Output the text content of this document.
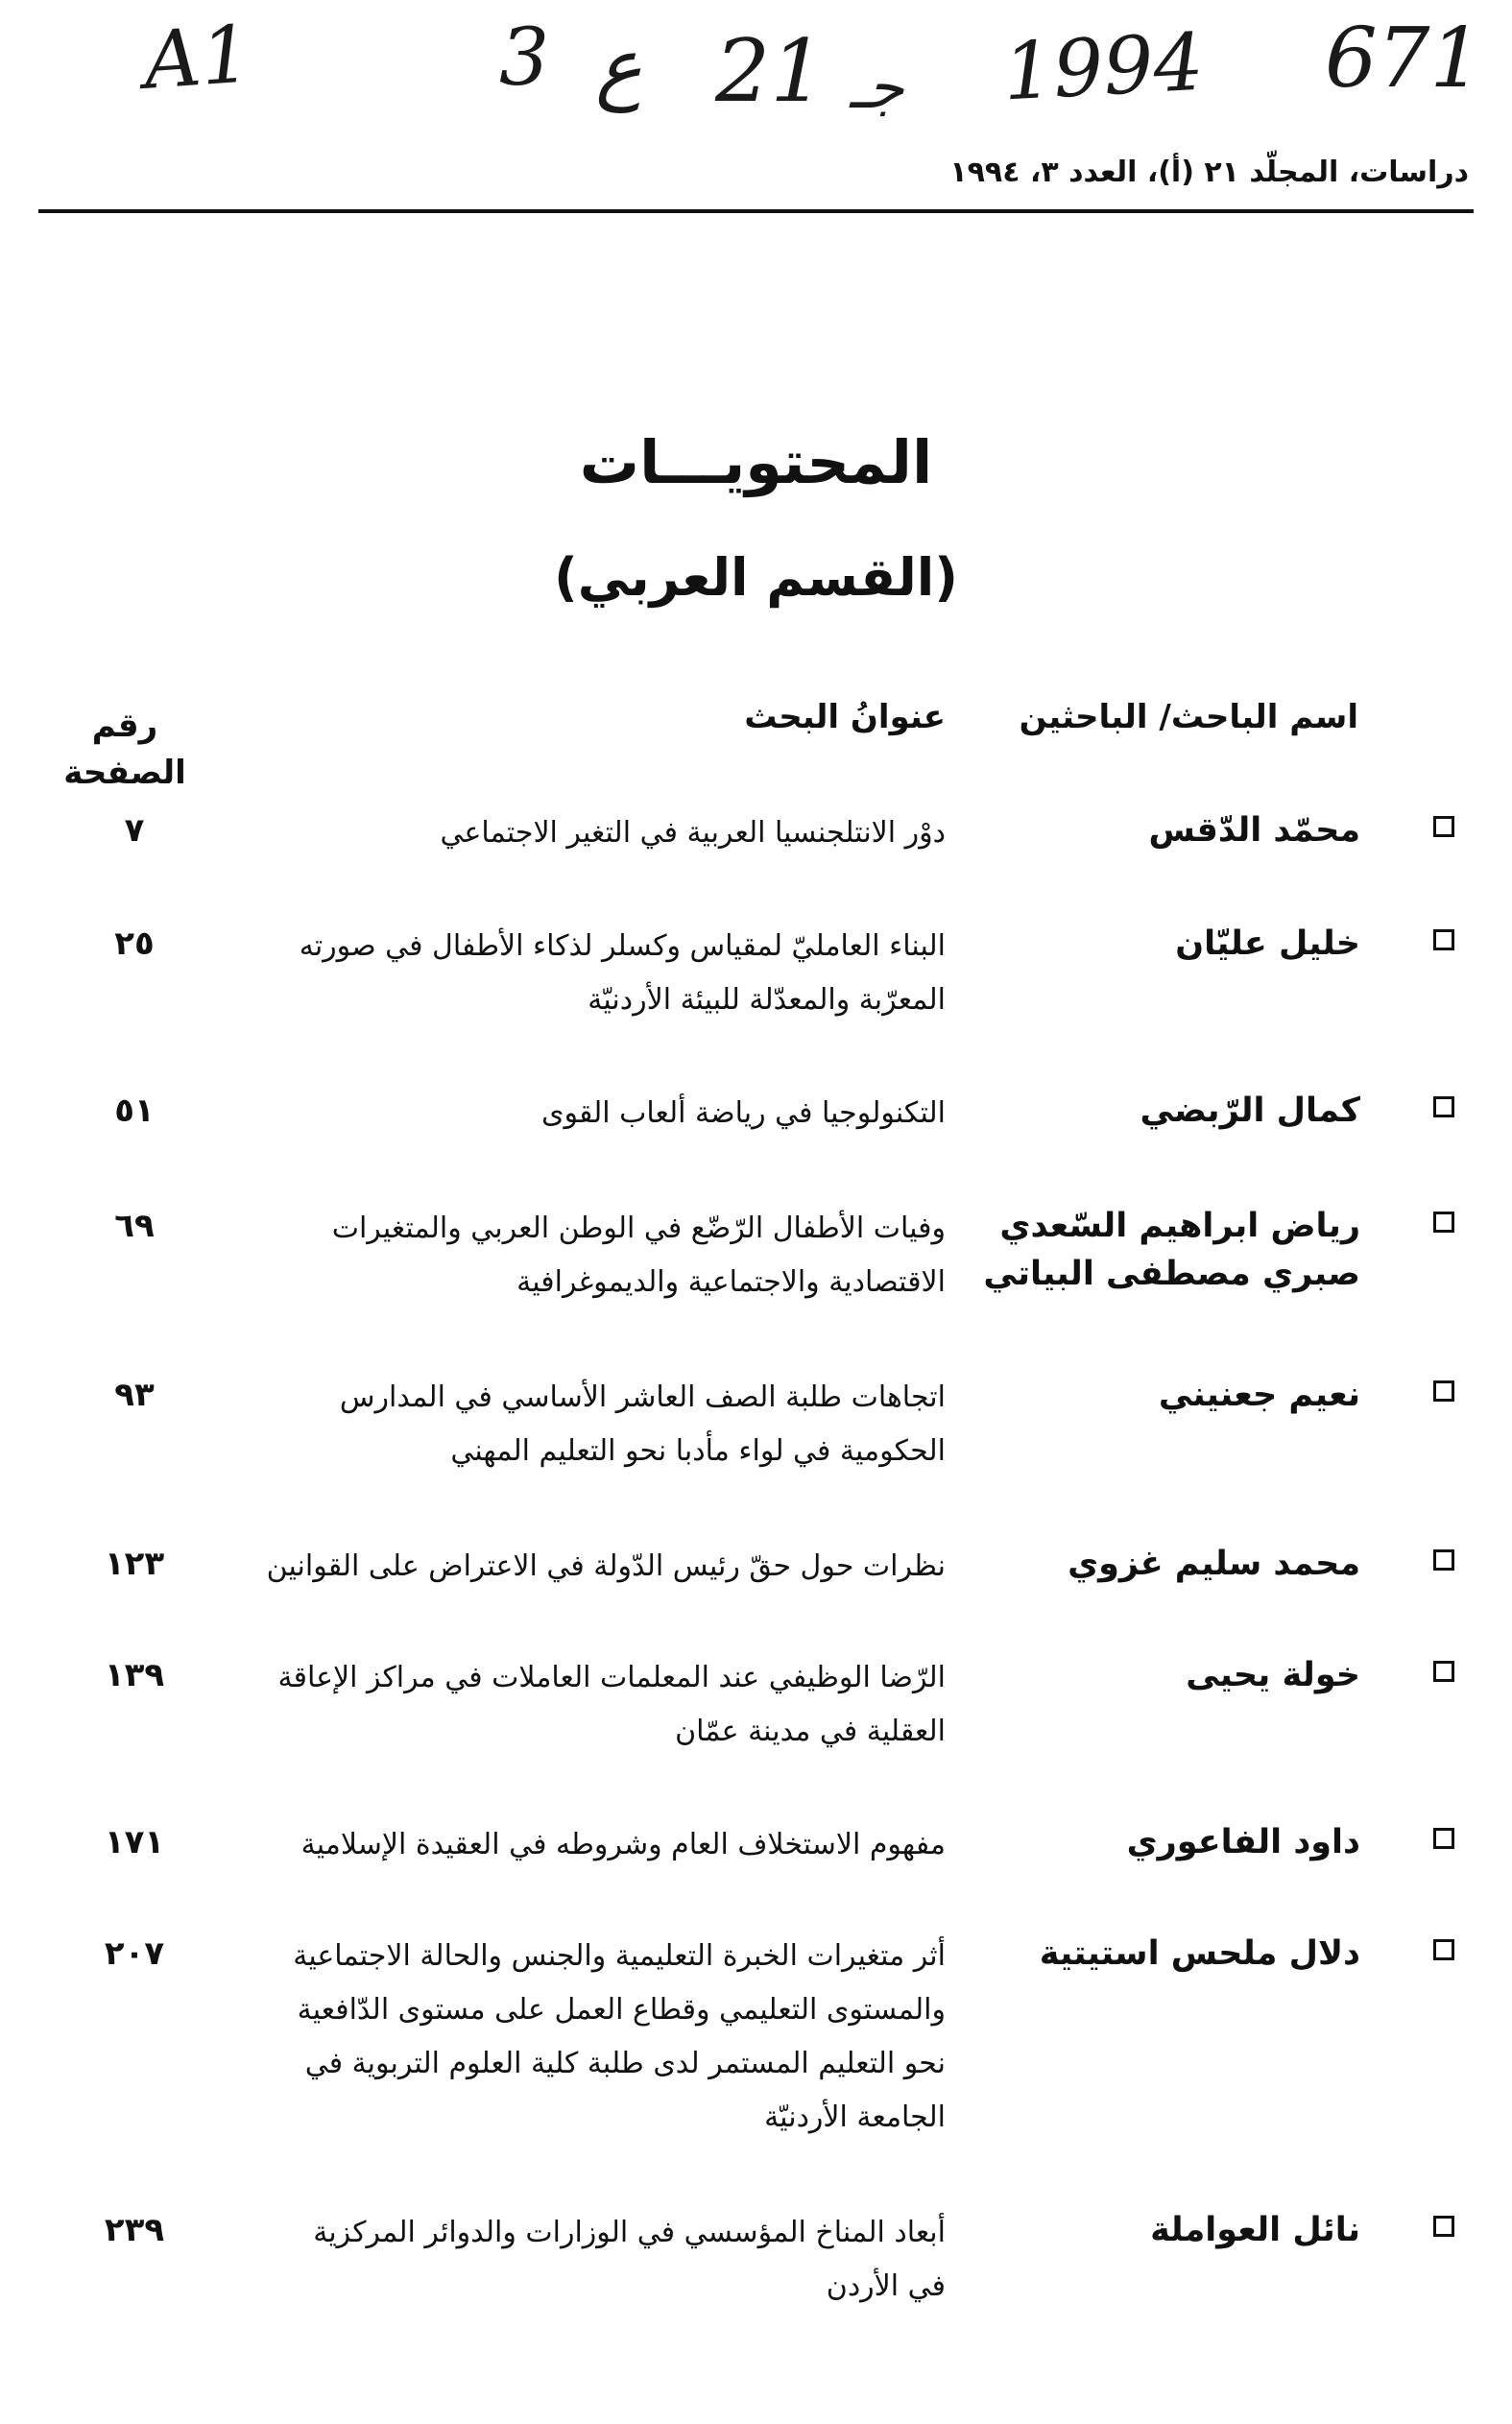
A1	3 ع 21 جـ 1994 671
دراسات، المجلّد ٢١ (أ)، العدد ٣، ١٩٩٤
المحتويـــات
(القسم العربي)
اسم الباحث/ الباحثين
عنوانُ البحث
رقم
الصفحة
محمّد الدّقس
دوْر الانتلجنسيا العربية في التغير الاجتماعي
٧
خليل عليّان
البناء العامليّ لمقياس وكسلر لذكاء الأطفال في صورته
المعرّبة والمعدّلة للبيئة الأردنيّة
٢٥
كمال الرّبضي
التكنولوجيا في رياضة ألعاب القوى
٥١
رياض ابراهيم السّعدي
صبري مصطفى البياتي
وفيات الأطفال الرّضّع في الوطن العربي والمتغيرات
الاقتصادية والاجتماعية والديموغرافية
٦٩
نعيم جعنيني
اتجاهات طلبة الصف العاشر الأساسي في المدارس
الحكومية في لواء مأدبا نحو التعليم المهني
٩٣
محمد سليم غزوي
نظرات حول حقّ رئيس الدّولة في الاعتراض على القوانين
١٢٣
خولة يحيى
الرّضا الوظيفي عند المعلمات العاملات في مراكز الإعاقة
العقلية في مدينة عمّان
١٣٩
داود الفاعوري
مفهوم الاستخلاف العام وشروطه في العقيدة الإسلامية
١٧١
دلال ملحس استيتية
أثر متغيرات الخبرة التعليمية والجنس والحالة الاجتماعية
والمستوى التعليمي وقطاع العمل على مستوى الدّافعية
نحو التعليم المستمر لدى طلبة كلية العلوم التربوية في
الجامعة الأردنيّة
٢٠٧
نائل العواملة
أبعاد المناخ المؤسسي في الوزارات والدوائر المركزية
في الأردن
٢٣٩
